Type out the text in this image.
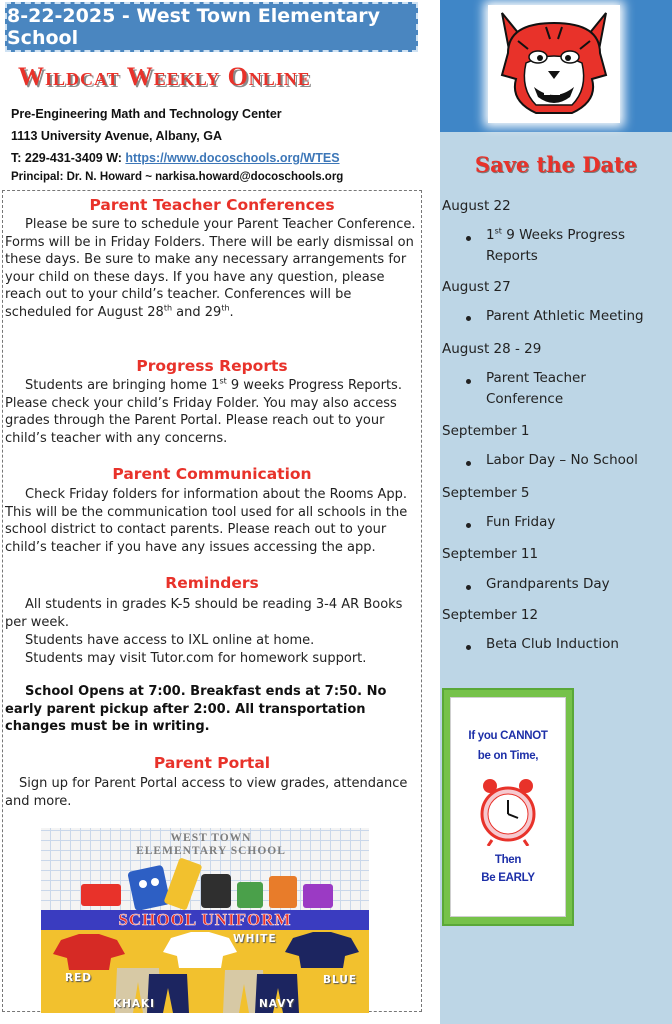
8-22-2025 - West Town Elementary School
Wildcat Weekly Online
Pre-Engineering Math and Technology Center
1113 University Avenue, Albany, GA
T: 229-431-3409 W: https://www.docoschools.org/WTES
Principal: Dr. N. Howard ~ narkisa.howard@docoschools.org
Parent Teacher Conferences
Please be sure to schedule your Parent Teacher Conference. Forms will be in Friday Folders. There will be early dismissal on these days. Be sure to make any necessary arrangements for your child on these days. If you have any question, please reach out to your child’s teacher. Conferences will be scheduled for August 28th and 29th.
Progress Reports
Students are bringing home 1st 9 weeks Progress Reports. Please check your child’s Friday Folder. You may also access grades through the Parent Portal. Please reach out to your child’s teacher with any concerns.
Parent Communication
Check Friday folders for information about the Rooms App. This will be the communication tool used for all schools in the school district to contact parents. Please reach out to your child’s teacher if you have any issues accessing the app.
Reminders
All students in grades K-5 should be reading 3-4 AR Books per week.
Students have access to IXL online at home.
Students may visit Tutor.com for homework support.
School Opens at 7:00. Breakfast ends at 7:50. No early parent pickup after 2:00. All transportation changes must be in writing.
Parent Portal
Sign up for Parent Portal access to view grades, attendance and more.
WEST TOWN
ELEMENTARY SCHOOL
SCHOOL UNIFORM
RED
WHITE
BLUE
KHAKI	NAVY
Save the Date
August 22
1st 9 Weeks Progress Reports
August 27
Parent Athletic Meeting
August 28 - 29
Parent Teacher Conference
September 1
Labor Day – No School
September 5
Fun Friday
September 11
Grandparents Day
September 12
Beta Club Induction
If you CANNOT
be on Time,
Then
Be EARLY
